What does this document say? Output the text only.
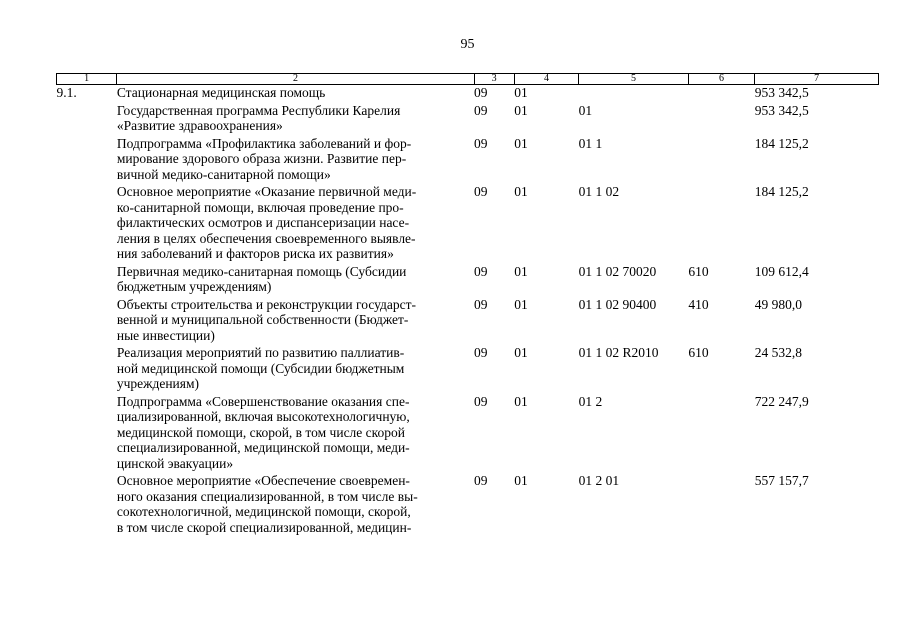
95
1	2	3	4	5	6	7
9.1.	Стационарная медицинская помощь	09	01			953 342,5

	Государственная программа Республики Карелия
«Развитие здравоохранения»	09	01	01		953 342,5

	Подпрограмма «Профилактика заболеваний и фор-
мирование здорового образа жизни. Развитие пер-
вичной медико-санитарной помощи»	09	01	01 1		184 125,2

	Основное мероприятие «Оказание первичной меди-
ко-санитарной помощи, включая проведение про-
филактических осмотров и диспансеризации насе-
ления в целях обеспечения своевременного выявле-
ния заболеваний и факторов риска их развития»	09	01	01 1 02		184 125,2

	Первичная медико-санитарная помощь (Субсидии
бюджетным учреждениям)	09	01	01 1 02 70020	610	109 612,4

	Объекты строительства и реконструкции государст-
венной и муниципальной собственности (Бюджет-
ные инвестиции)	09	01	01 1 02 90400	410	49 980,0

	Реализация мероприятий по развитию паллиатив-
ной медицинской помощи (Субсидии бюджетным
учреждениям)	09	01	01 1 02 R2010	610	24 532,8

	Подпрограмма «Совершенствование оказания спе-
циализированной, включая высокотехнологичную,
медицинской помощи, скорой, в том числе скорой
специализированной, медицинской помощи, меди-
цинской эвакуации»	09	01	01 2		722 247,9

	Основное мероприятие «Обеспечение своевремен-
ного оказания специализированной, в том числе вы-
сокотехнологичной, медицинской помощи, скорой,
в том числе скорой специализированной, медицин-	09	01	01 2 01		557 157,7
